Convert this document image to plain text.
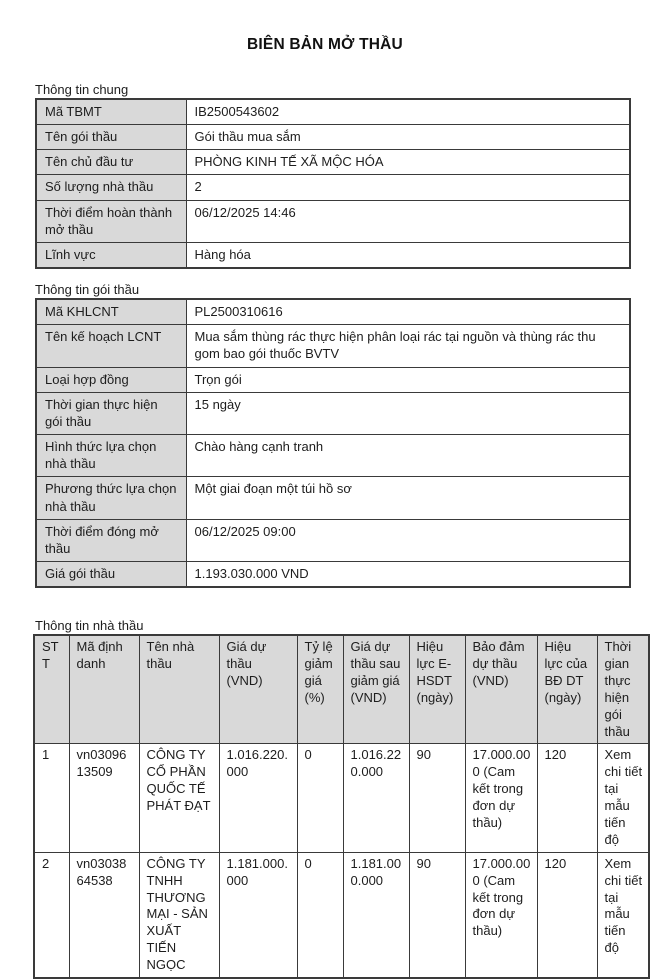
BIÊN BẢN MỞ THẦU
Thông tin chung
Mã TBMT	IB2500543602
Tên gói thầu	Gói thầu mua sắm
Tên chủ đầu tư	PHÒNG KINH TẾ XÃ MỘC HÓA
Số lượng nhà thầu	2
Thời điểm hoàn thành mở thầu	06/12/2025 14:46
Lĩnh vực	Hàng hóa
Thông tin gói thầu
Mã KHLCNT	PL2500310616
Tên kế hoạch LCNT	Mua sắm thùng rác thực hiện phân loại rác tại nguồn và thùng rác thu gom bao gói thuốc BVTV
Loại hợp đồng	Trọn gói
Thời gian thực hiện gói thầu	15 ngày
Hình thức lựa chọn nhà thầu	Chào hàng cạnh tranh
Phương thức lựa chọn nhà thầu	Một giai đoạn một túi hồ sơ
Thời điểm đóng mở thầu	06/12/2025 09:00
Giá gói thầu	1.193.030.000 VND
Thông tin nhà thầu
STT	Mã định danh	Tên nhà thầu	Giá dự thầu (VND)	Tỷ lệ giảm giá (%)	Giá dự thầu sau giảm giá (VND)	Hiệu lực E-HSDT (ngày)	Bảo đảm dự thầu (VND)	Hiệu lực của BĐ DT (ngày)	Thời gian thực hiện gói thầu
1	vn0309613509	CÔNG TY CỔ PHẦN QUỐC TẾ PHÁT ĐẠT	1.016.220.000	0	1.016.220.000	90	17.000.000 (Cam kết trong đơn dự thầu)	120	Xem chi tiết tại mẫu tiến độ
2	vn0303864538	CÔNG TY TNHH THƯƠNG MẠI - SẢN XUẤT TIẾN NGỌC	1.181.000.000	0	1.181.000.000	90	17.000.000 (Cam kết trong đơn dự thầu)	120	Xem chi tiết tại mẫu tiến độ
